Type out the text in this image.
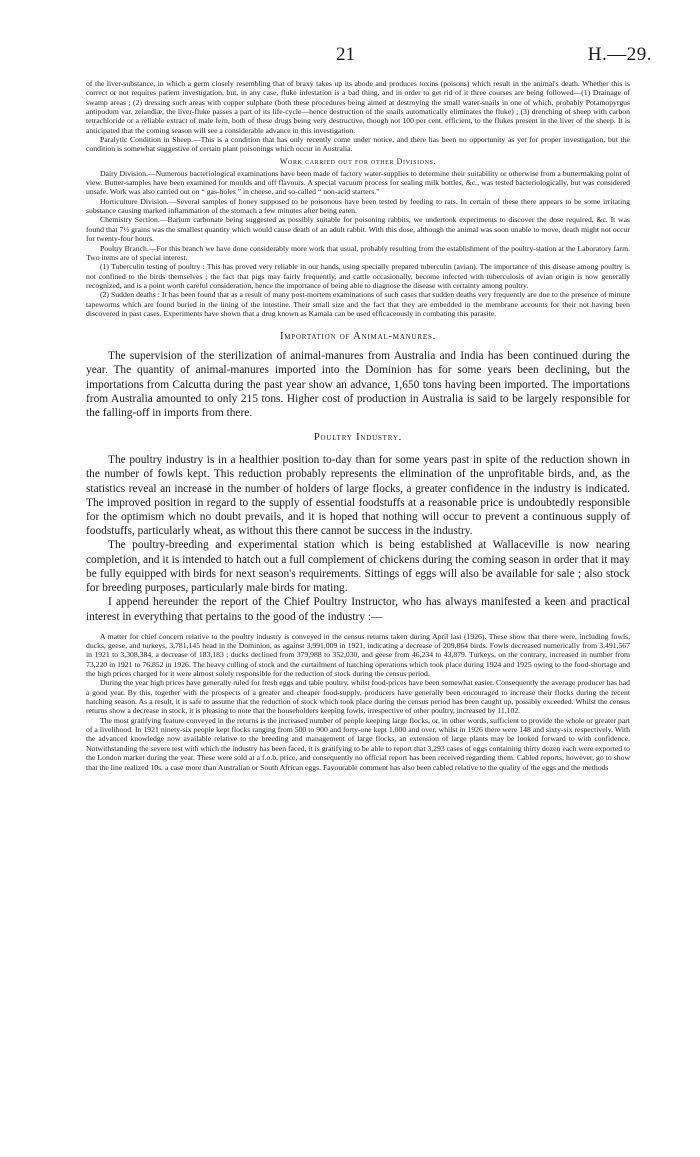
21	H.—29.

of the liver-substance, in which a germ closely resembling that of braxy takes up its abode and produces toxins (poisons) which result in the animal's death. Whether this is correct or not requires patient investigation, but, in any case, fluke infestation is a bad thing, and in order to get rid of it three courses are being followed—(1) Drainage of swamp areas ; (2) dressing such areas with copper sulphate (both these procedures being aimed at destroying the small water-snails in one of which, probably Potamopyrgus antipodum var. zelandiæ, the liver-fluke passes a part of its life-cycle—hence destruction of the snails automatically eliminates the fluke) ; (3) drenching of sheep with carbon tetrachloride or a reliable extract of male fern, both of these drugs being very destructive, though not 100 per cent. efficient, to the flukes present in the liver of the sheep. It is anticipated that the coming season will see a considerable advance in this investigation.

Paralytic Condition in Sheep.—This is a condition that has only recently come under notice, and there has been no opportunity as yet for proper investigation, but the condition is somewhat suggestive of certain plant poisonings which occur in Australia.

Work carried out for other Divisions.

Dairy Division.—Numerous bacteriological examinations have been made of factory water-supplies to determine their suitability or otherwise from a buttermaking point of view. Butter-samples have been examined for moulds and off flavours. A special vacuum process for sealing milk bottles, &c., was tested bacteriologically, but was considered unsafe. Work was also carried out on “ gas-holes ” in cheese, and so-called “ non-acid starters.”

Horticulture Division.—Several samples of honey supposed to be poisonous have been tested by feeding to rats. In certain of these there appears to be some irritating substance causing marked inflammation of the stomach a few minutes after being eaten.

Chemistry Section.—Barium carbonate being suggested as possibly suitable for poisoning rabbits, we undertook experiments to discover the dose required, &c. It was found that 7½ grains was the smallest quantity which would cause death of an adult rabbit. With this dose, although the animal was soon unable to move, death might not occur for twenty-four hours.

Poultry Branch.—For this branch we have done considerably more work that usual, probably resulting from the establishment of the poultry-station at the Laboratory farm. Two items are of special interest.

(1) Tuberculin testing of poultry : This has proved very reliable in our hands, using specially prepared tuberculin (avian). The importance of this disease among poultry is not confined to the birds themselves ; the fact that pigs may fairly frequently, and cattle occasionally, become infected with tuberculosis of avian origin is now generally recognized, and is a point worth careful consideration, hence the importance of being able to diagnose the disease with certainty among poultry.

(2) Sudden deaths : It has been found that as a result of many post-mortem examinations of such cases that sudden deaths very frequently are due to the presence of minute tapeworms which are found buried in the lining of the intestine. Their small size and the fact that they are embedded in the membrane accounts for their not having been discovered in past cases. Experiments have shown that a drug known as Kamala can be used efficaceously in combating this parasite.

Importation of Animal-manures.

The supervision of the sterilization of animal-manures from Australia and India has been continued during the year. The quantity of animal-manures imported into the Dominion has for some years been declining, but the importations from Calcutta during the past year show an advance, 1,650 tons having been imported. The importations from Australia amounted to only 215 tons. Higher cost of production in Australia is said to be largely responsible for the falling-off in imports from there.

Poultry Industry.

The poultry industry is in a healthier position to-day than for some years past in spite of the reduction shown in the number of fowls kept. This reduction probably represents the elimination of the unprofitable birds, and, as the statistics reveal an increase in the number of holders of large flocks, a greater confidence in the industry is indicated. The improved position in regard to the supply of essential foodstuffs at a reasonable price is undoubtedly responsible for the optimism which no doubt prevails, and it is hoped that nothing will occur to prevent a continuous supply of foodstuffs, particularly wheat, as without this there cannot be success in the industry.

The poultry-breeding and experimental station which is being established at Wallaceville is now nearing completion, and it is intended to hatch out a full complement of chickens during the coming season in order that it may be fully equipped with birds for next season's requirements. Sittings of eggs will also be available for sale ; also stock for breeding purposes, particularly male birds for mating.

I append hereunder the report of the Chief Poultry Instructor, who has always manifested a keen and practical interest in everything that pertains to the good of the industry :—

A matter for chief concern relative to the poultry industry is conveyed in the census returns taken during April last (1926). These show that there were, including fowls, ducks, geese, and turkeys, 3,781,145 head in the Dominion, as against 3,991,009 in 1921, indicating a decrease of 209,864 birds. Fowls decreased numerically from 3,491,567 in 1921 to 3,308,384, a decrease of 183,183 ; ducks declined from 379,988 to 352,030, and geese from 46,234 to 43,879. Turkeys, on the contrary, increased in number from 73,220 in 1921 to 76,852 in 1926. The heavy culling of stock and the curtailment of hatching operations which took place during 1924 and 1925 owing to the food-shortage and the high prices charged for it were almost solely responsible for the reduction of stock during the census period.

During the year high prices have generally ruled for fresh eggs and table poultry, whilst food-prices have been somewhat easier. Consequently the average producer has had a good year. By this, together with the prospects of a greater and cheaper food-supply, producers have generally been encouraged to increase their flocks during the recent hatching season. As a result, it is safe to assume that the reduction of stock which took place during the census period has been caught up, possibly exceeded. Whilst the census returns show a decrease in stock, it is pleasing to note that the householders keeping fowls, irrespective of other poultry, increased by 11,102.

The most gratifying feature conveyed in the returns is the increased number of people keeping large flocks, or, in other words, sufficient to provide the whole or greater part of a livelihood. In 1921 ninety-six people kept flocks ranging from 500 to 900 and forty-one kept 1,000 and over, whilst in 1926 there were 148 and sixty-six respectively. With the advanced knowledge now available relative to the breeding and management of large flocks, an extension of large plants may be looked forward to with confidence. Notwithstanding the severe test with which the industry has been faced, it is gratifying to be able to report that 3,293 cases of eggs containing thirty dozen each were exported to the London market during the year. These were sold at a f.o.b. price, and consequently no official report has been received regarding them. Cabled reports, however, go to show that the line realized 10s. a case more than Australian or South African eggs. Favourable comment has also been cabled relative to the quality of the eggs and the methods
